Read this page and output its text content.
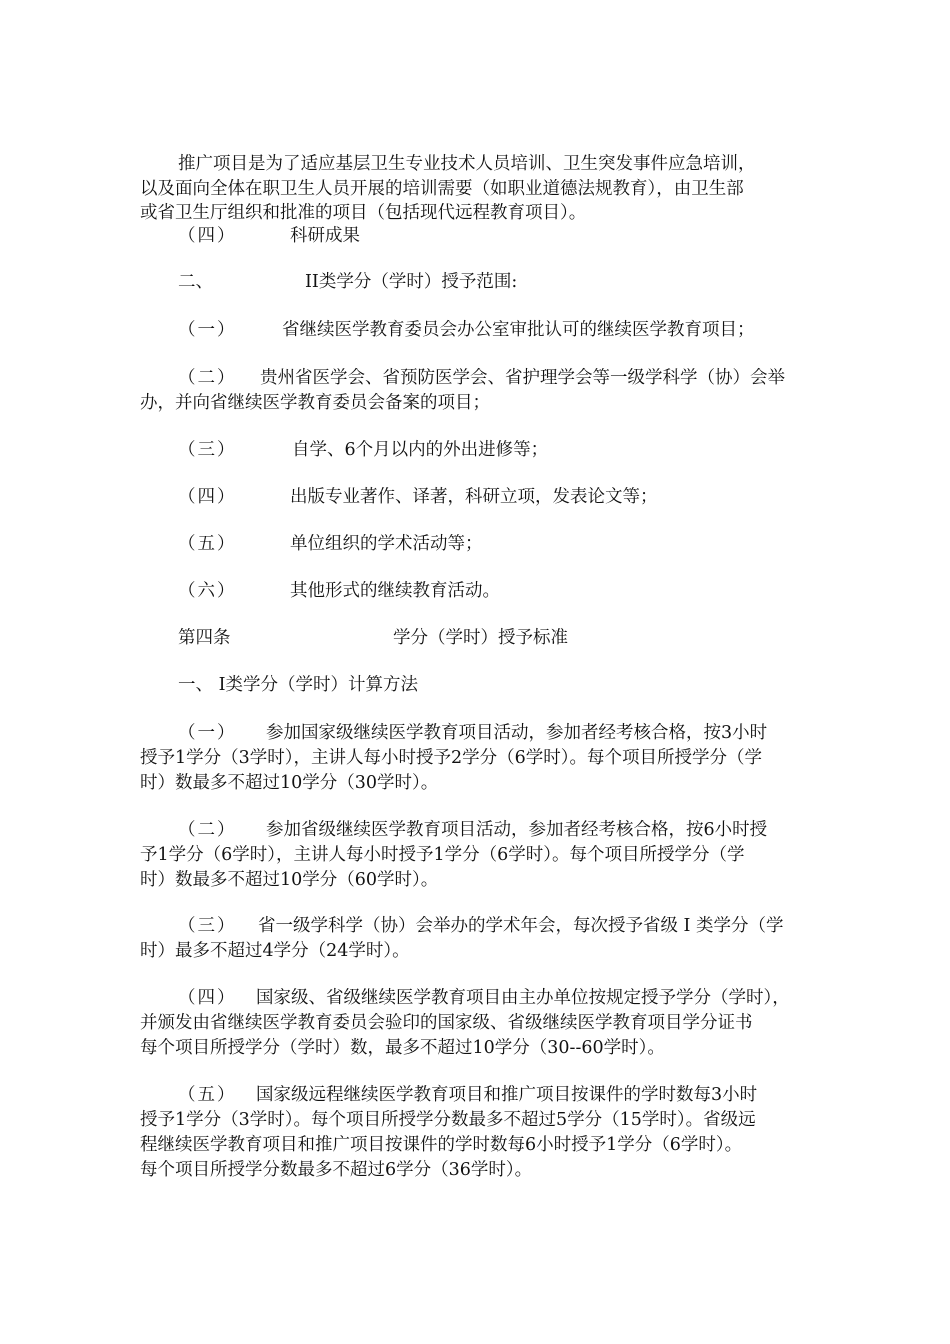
推广项目是为了适应基层卫生专业技术人员培训、卫生突发事件应急培训，
以及面向全体在职卫生人员开展的培训需要（如职业道德法规教育），由卫生部
或省卫生厅组织和批准的项目（包括现代远程教育项目）。
（四）	科研成果
二、	II类学分（学时）授予范围:
（一）	省继续医学教育委员会办公室审批认可的继续医学教育项目；
（二） 贵州省医学会、省预防医学会、省护理学会等一级学科学（协）会举
办，并向省继续医学教育委员会备案的项目；
（三）	自学、6个月以内的外出进修等；
（四）	出版专业著作、译著，科研立项，发表论文等；
（五）	单位组织的学术活动等；
（六）	其他形式的继续教育活动。
第四条	学分（学时）授予标准
一、 I类学分（学时）计算方法
（一） 参加国家级继续医学教育项目活动，参加者经考核合格，按3小时
授予1学分（3学时），主讲人每小时授予2学分（6学时）。每个项目所授学分（学
时）数最多不超过10学分（30学时）。
（二） 参加省级继续医学教育项目活动，参加者经考核合格，按6小时授
予1学分（6学时），主讲人每小时授予1学分（6学时）。每个项目所授学分（学
时）数最多不超过10学分（60学时）。
（三） 省一级学科学（协）会举办的学术年会，每次授予省级 I 类学分（学
时）最多不超过4学分（24学时）。
（四） 国家级、省级继续医学教育项目由主办单位按规定授予学分（学时），
并颁发由省继续医学教育委员会验印的国家级、省级继续医学教育项目学分证书
每个项目所授学分（学时）数，最多不超过10学分（30--60学时）。
（五） 国家级远程继续医学教育项目和推广项目按课件的学时数每3小时
授予1学分（3学时）。每个项目所授学分数最多不超过5学分（15学时）。省级远
程继续医学教育项目和推广项目按课件的学时数每6小时授予1学分（6学时）。
每个项目所授学分数最多不超过6学分（36学时）。
